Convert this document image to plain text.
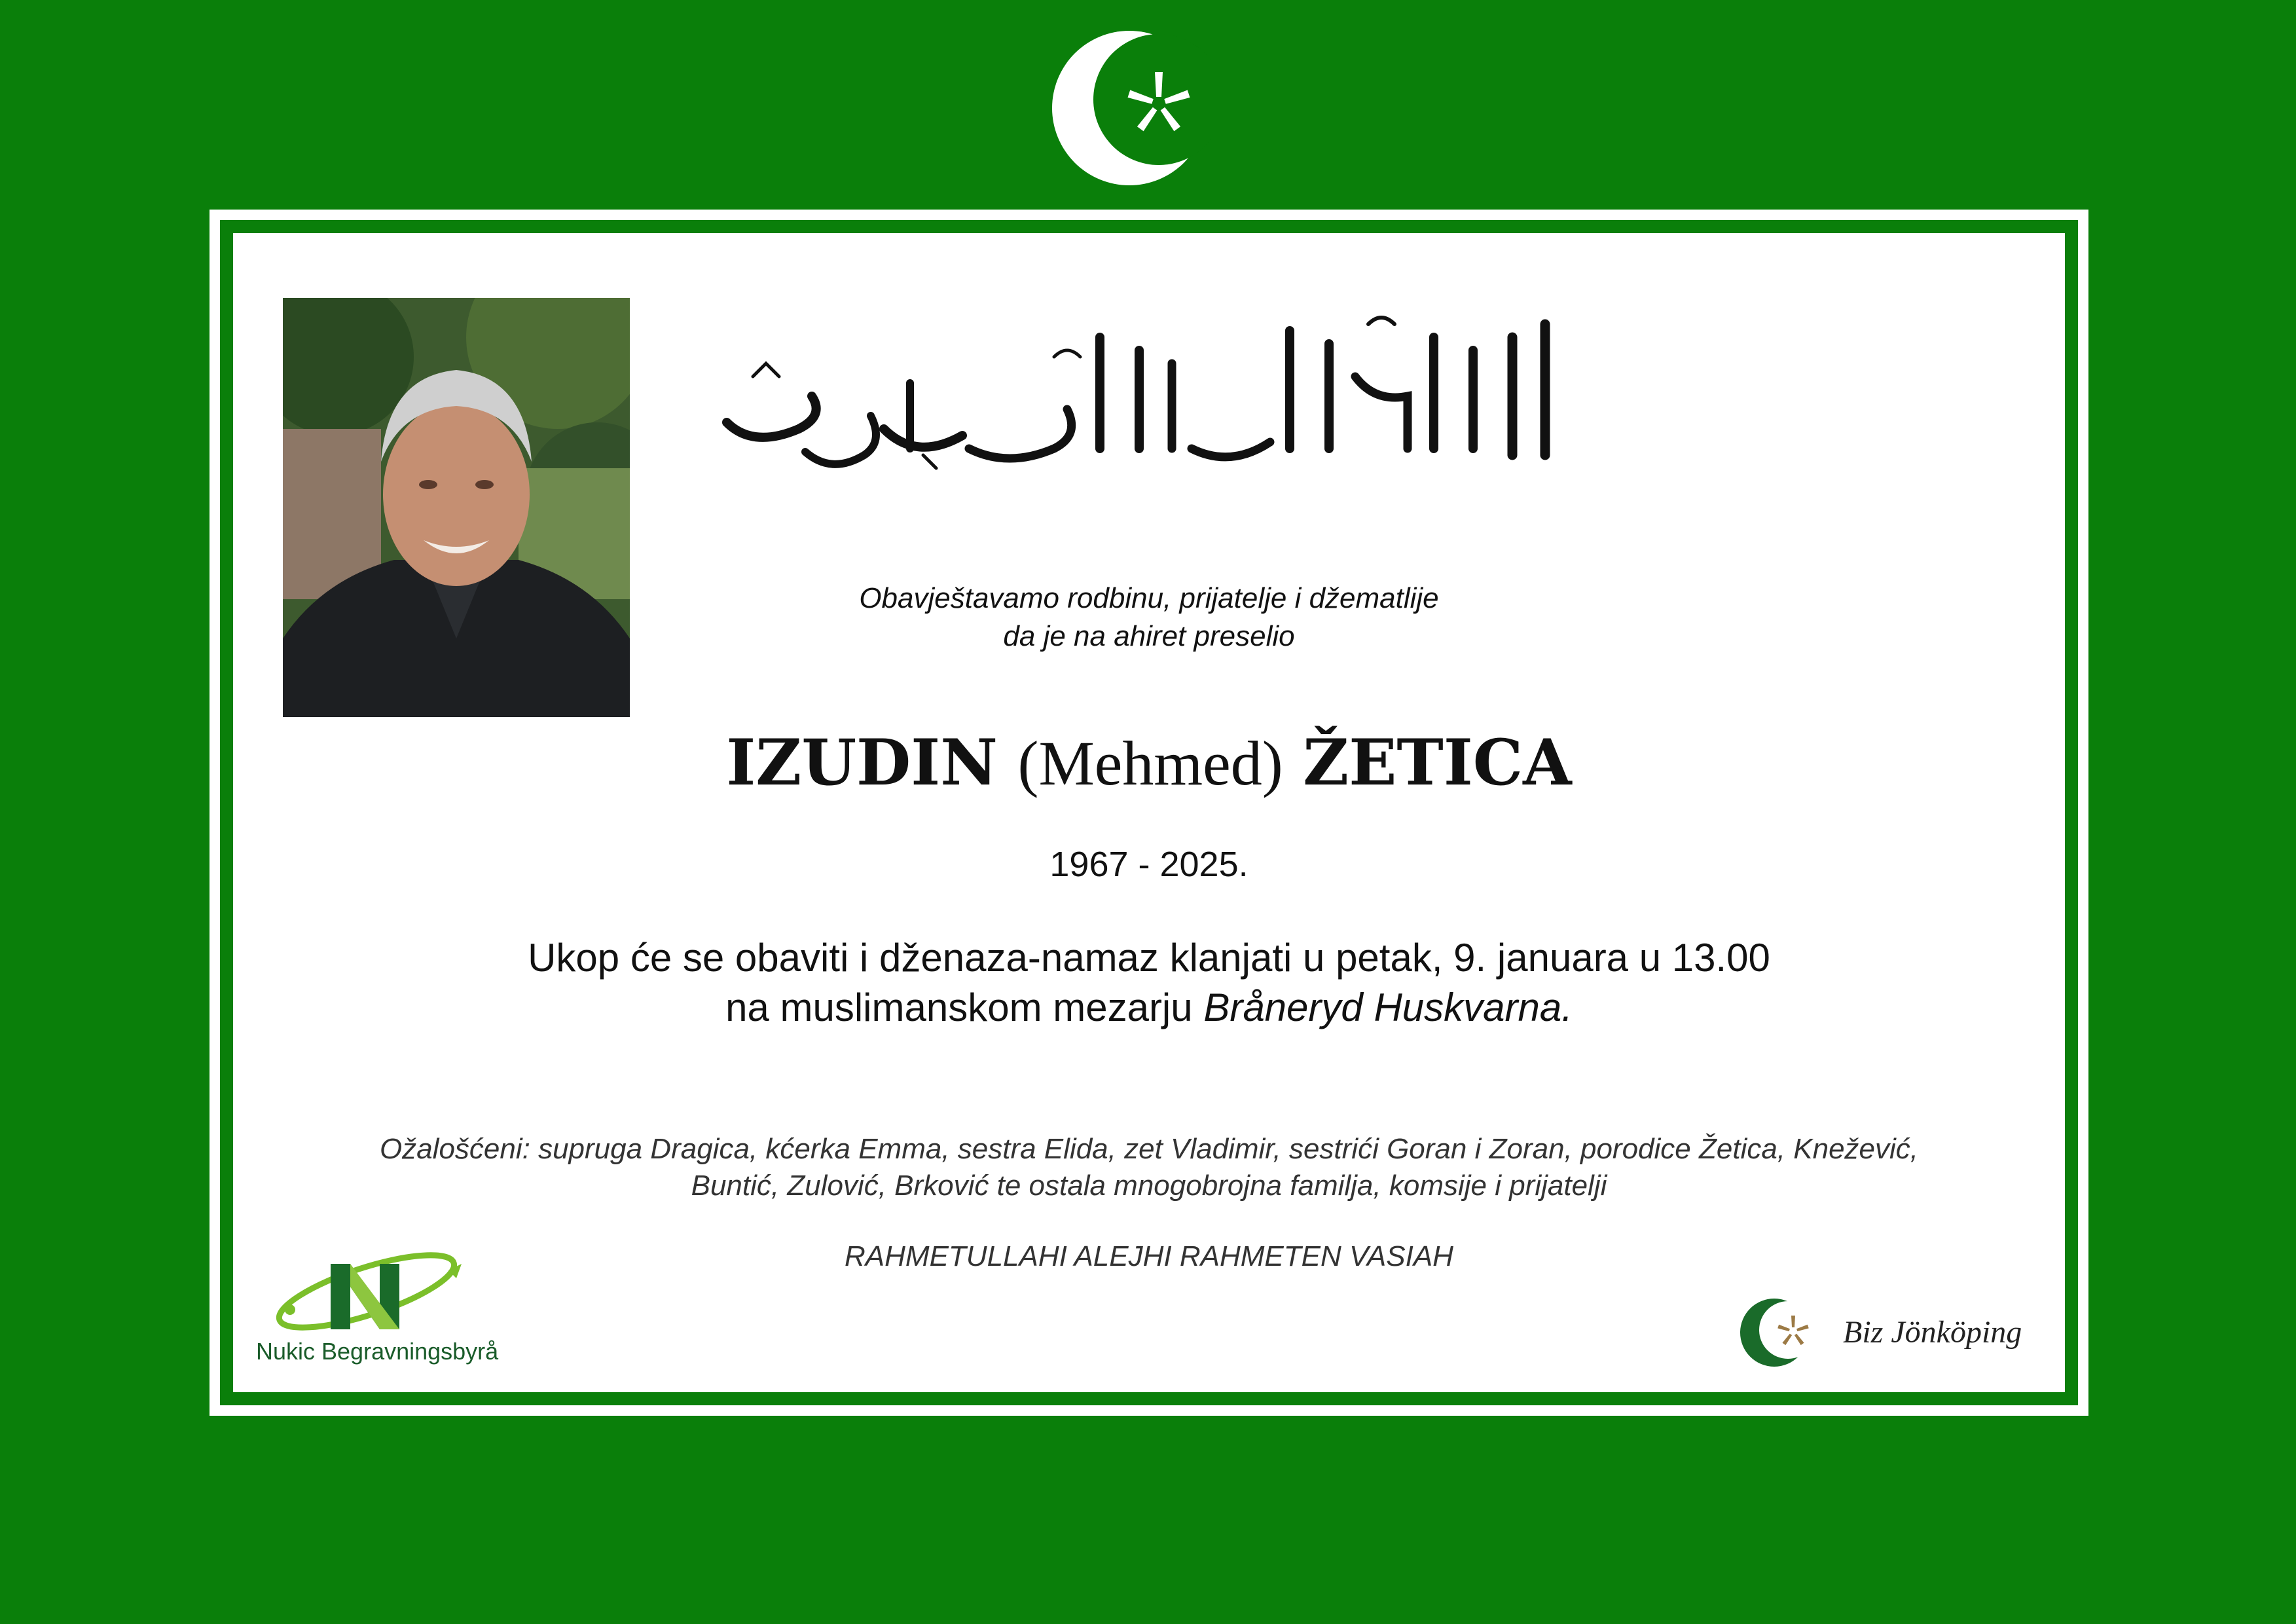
Obavještavamo rodbinu, prijatelje i džematlije
da je na ahiret preselio
IZUDIN (Mehmed) ŽETICA
1967 - 2025.
Ukop će se obaviti i dženaza-namaz klanjati u petak, 9. januara u 13.00
na muslimanskom mezarju Bråneryd Huskvarna.
Ožalošćeni: supruga Dragica, kćerka Emma, sestra Elida, zet Vladimir, sestrići Goran i Zoran, porodice Žetica, Knežević,
Buntić, Zulović, Brković te ostala mnogobrojna familja, komsije i prijatelji
RAHMETULLAHI ALEJHI RAHMETEN VASIAH
Nukic Begravningsbyrå
Biz Jönköping
